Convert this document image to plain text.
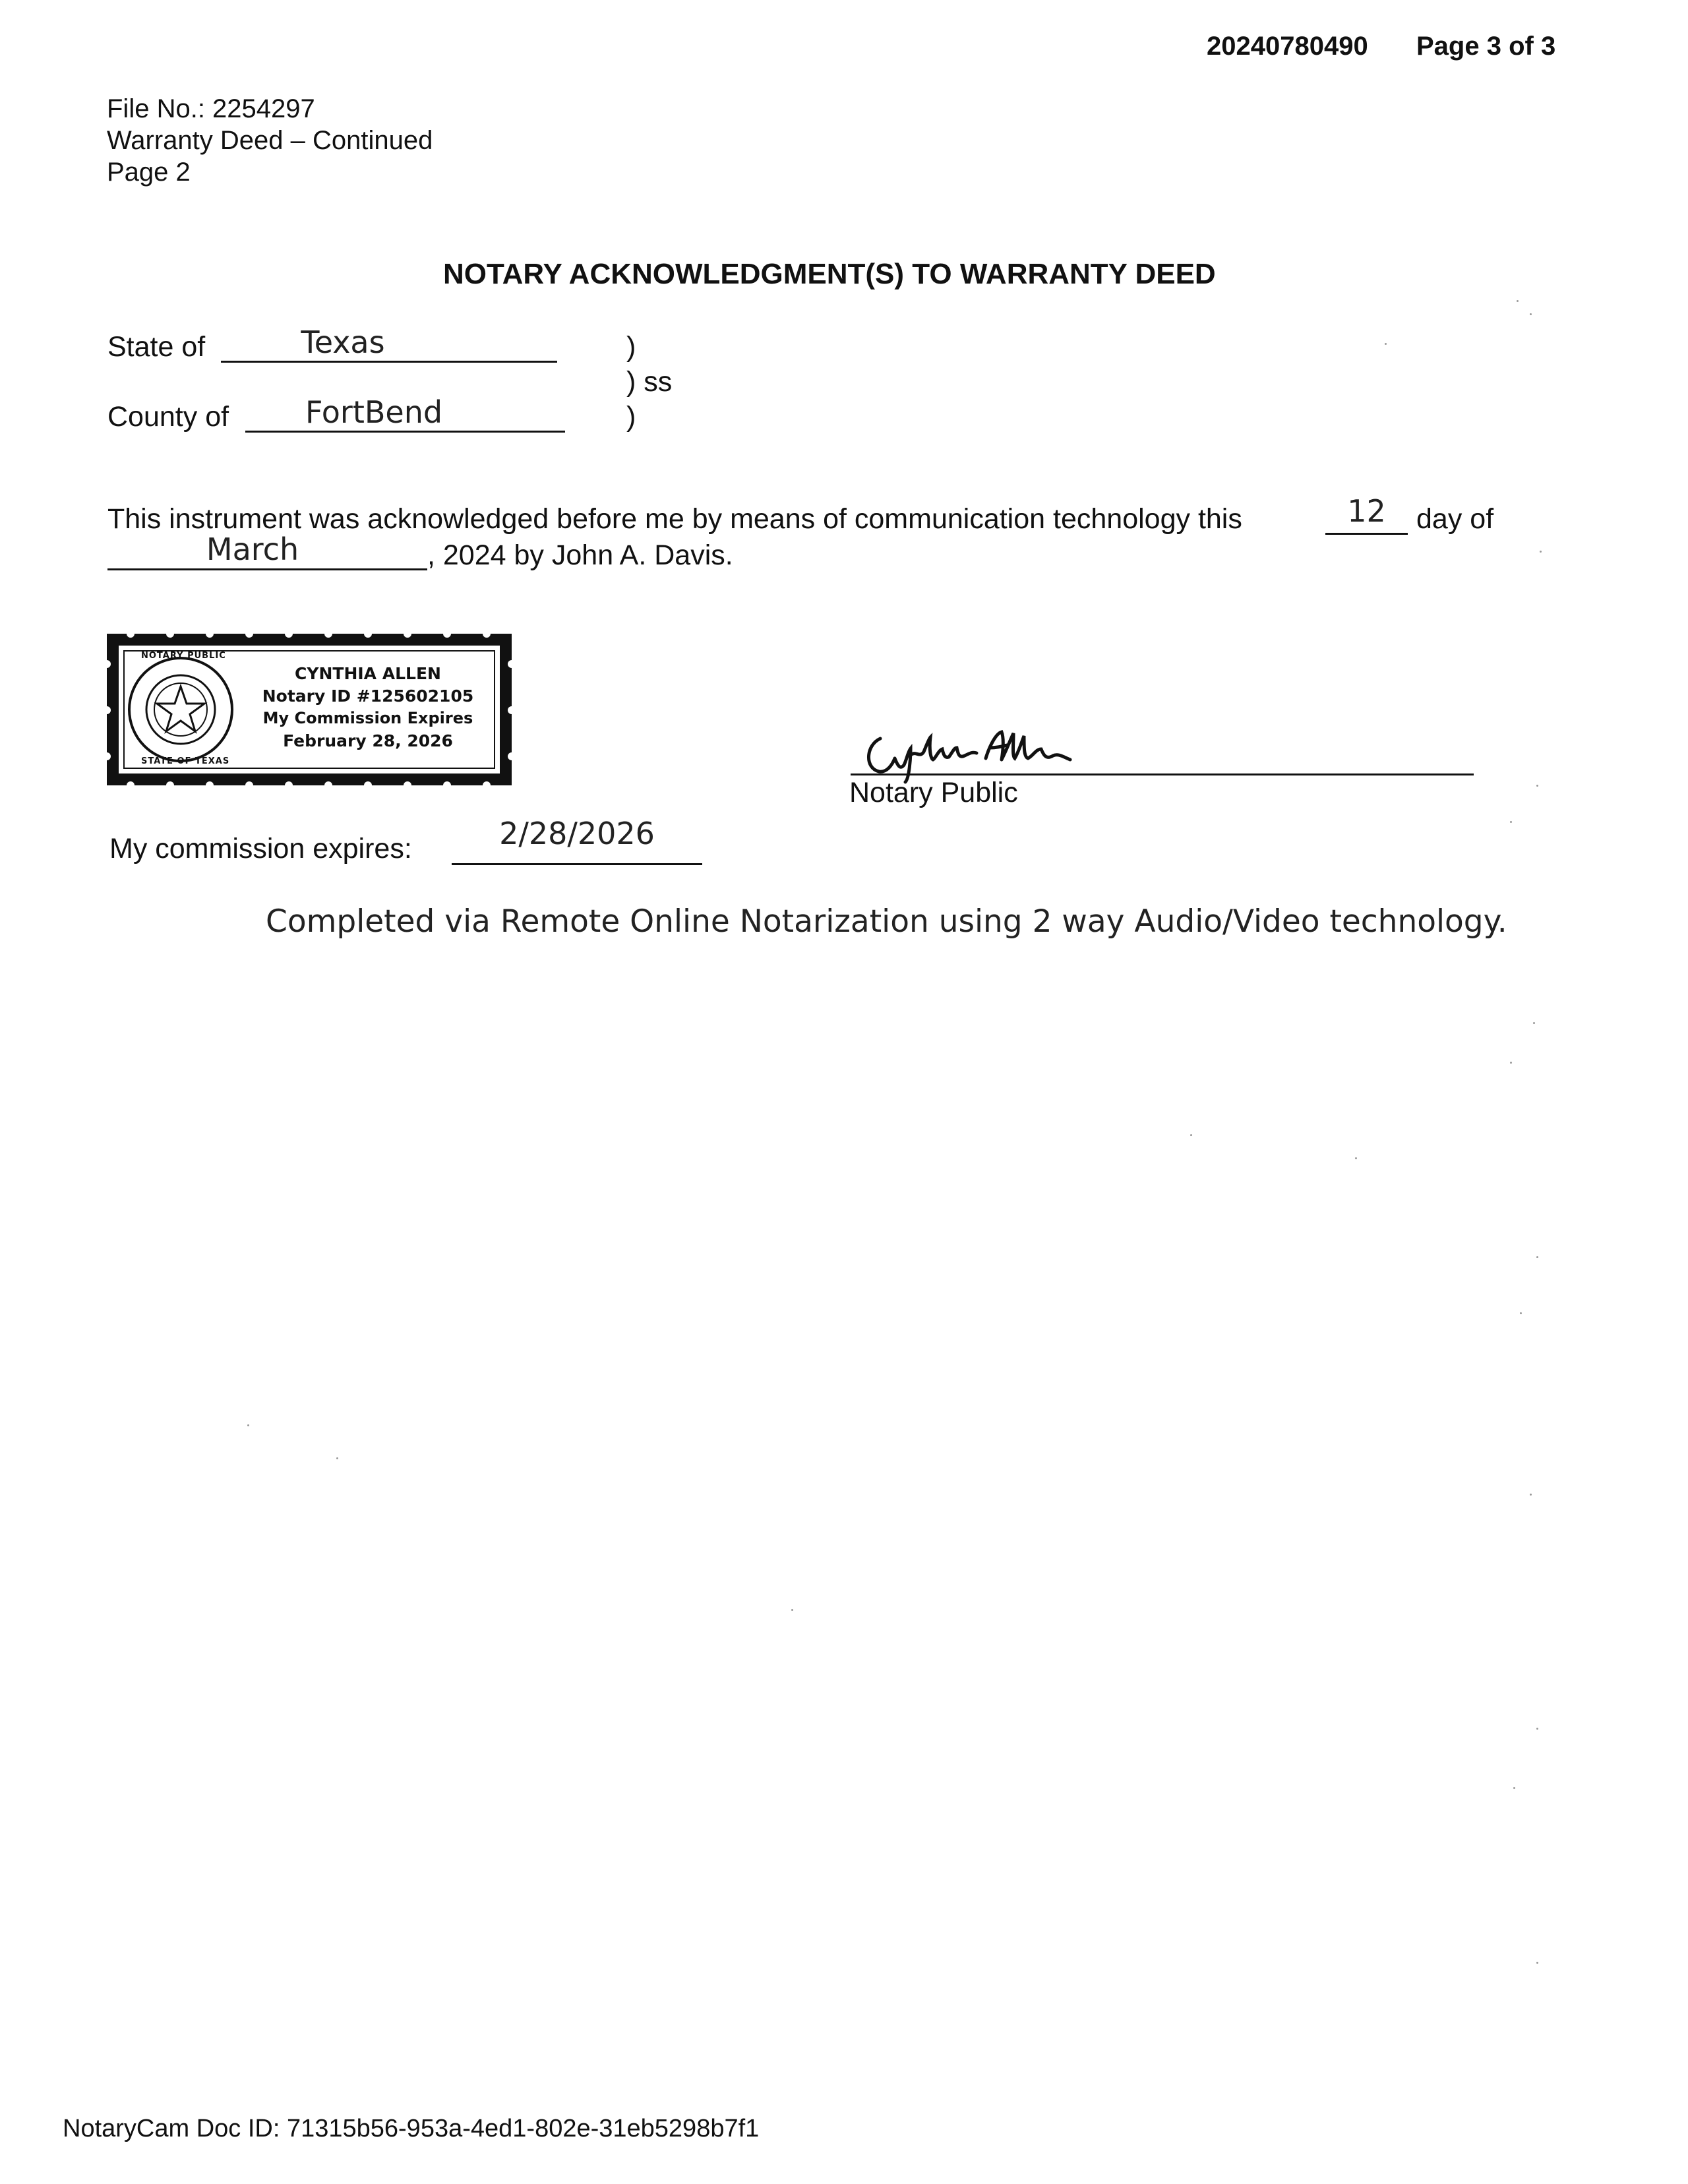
20240780490 Page 3 of 3
File No.: 2254297
Warranty Deed – Continued
Page 2
NOTARY ACKNOWLEDGMENT(S) TO WARRANTY DEED
State of	Texas	)
) ss
)
County of	FortBend
This instrument was acknowledged before me by means of communication technology this	12	day of
March	, 2024 by John A. Davis.
NOTARY PUBLIC
STATE OF TEXAS
CYNTHIA ALLEN
Notary ID #125602105
My Commission Expires
February 28, 2026
Notary Public
My commission expires:	2/28/2026
Completed via Remote Online Notarization using 2 way Audio/Video technology.
NotaryCam Doc ID: 71315b56-953a-4ed1-802e-31eb5298b7f1
